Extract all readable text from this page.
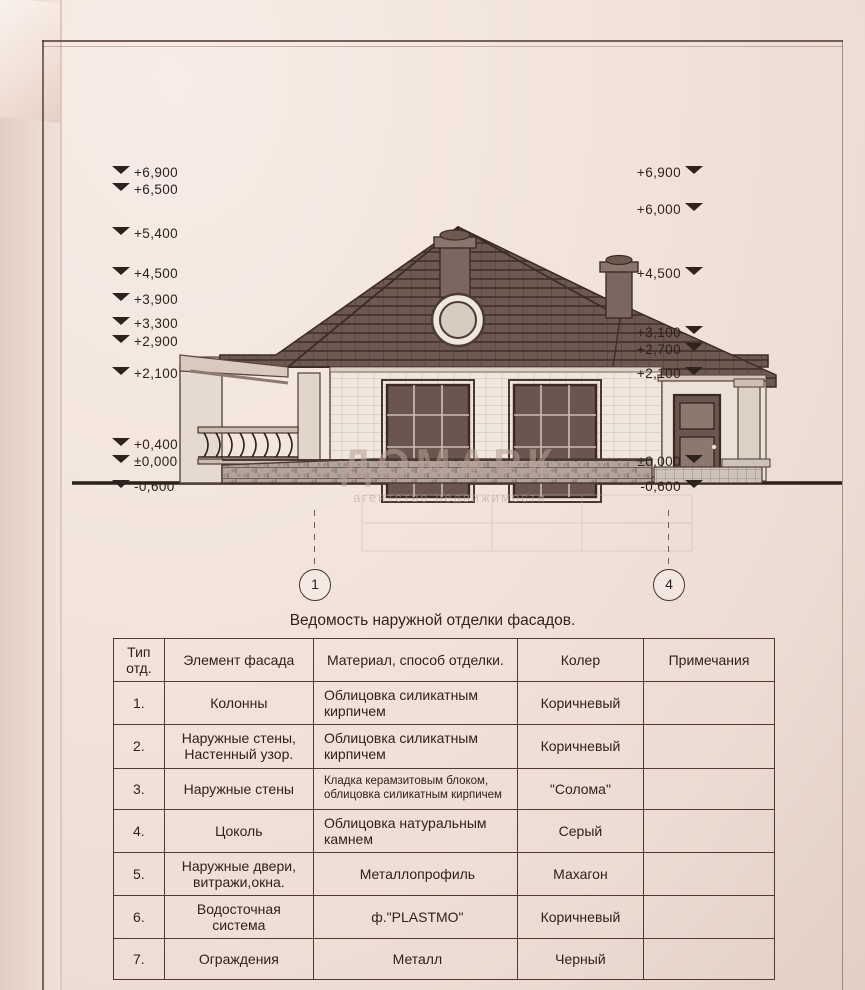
+6,900
+6,500
+5,400
+4,500
+3,900
+3,300
+2,900
+2,100
+0,400
±0,000
-0,600
+6,900
+6,000
+4,500
+3,100
+2,700
+2,100
±0,000
-0,600
1	4
ДОМАРК
агентство недвижимости
Ведомость наружной отделки фасадов.
Тип отд.	Элемент фасада	Материал, способ отделки.	Колер	Примечания
1.	Колонны	Облицовка силикатным кирпичем	Коричневый	
2.	Наружные стены, Настенный узор.	Облицовка силикатным кирпичем	Коричневый	
3.	Наружные стены	Кладка керамзитовым блоком, облицовка силикатным кирпичем	"Солома"	
4.	Цоколь	Облицовка натуральным камнем	Серый	
5.	Наружные двери, витражи,окна.	Металлопрофиль	Махагон	
6.	Водосточная система	ф."PLASTMO"	Коричневый	
7.	Ограждения	Металл	Черный	
